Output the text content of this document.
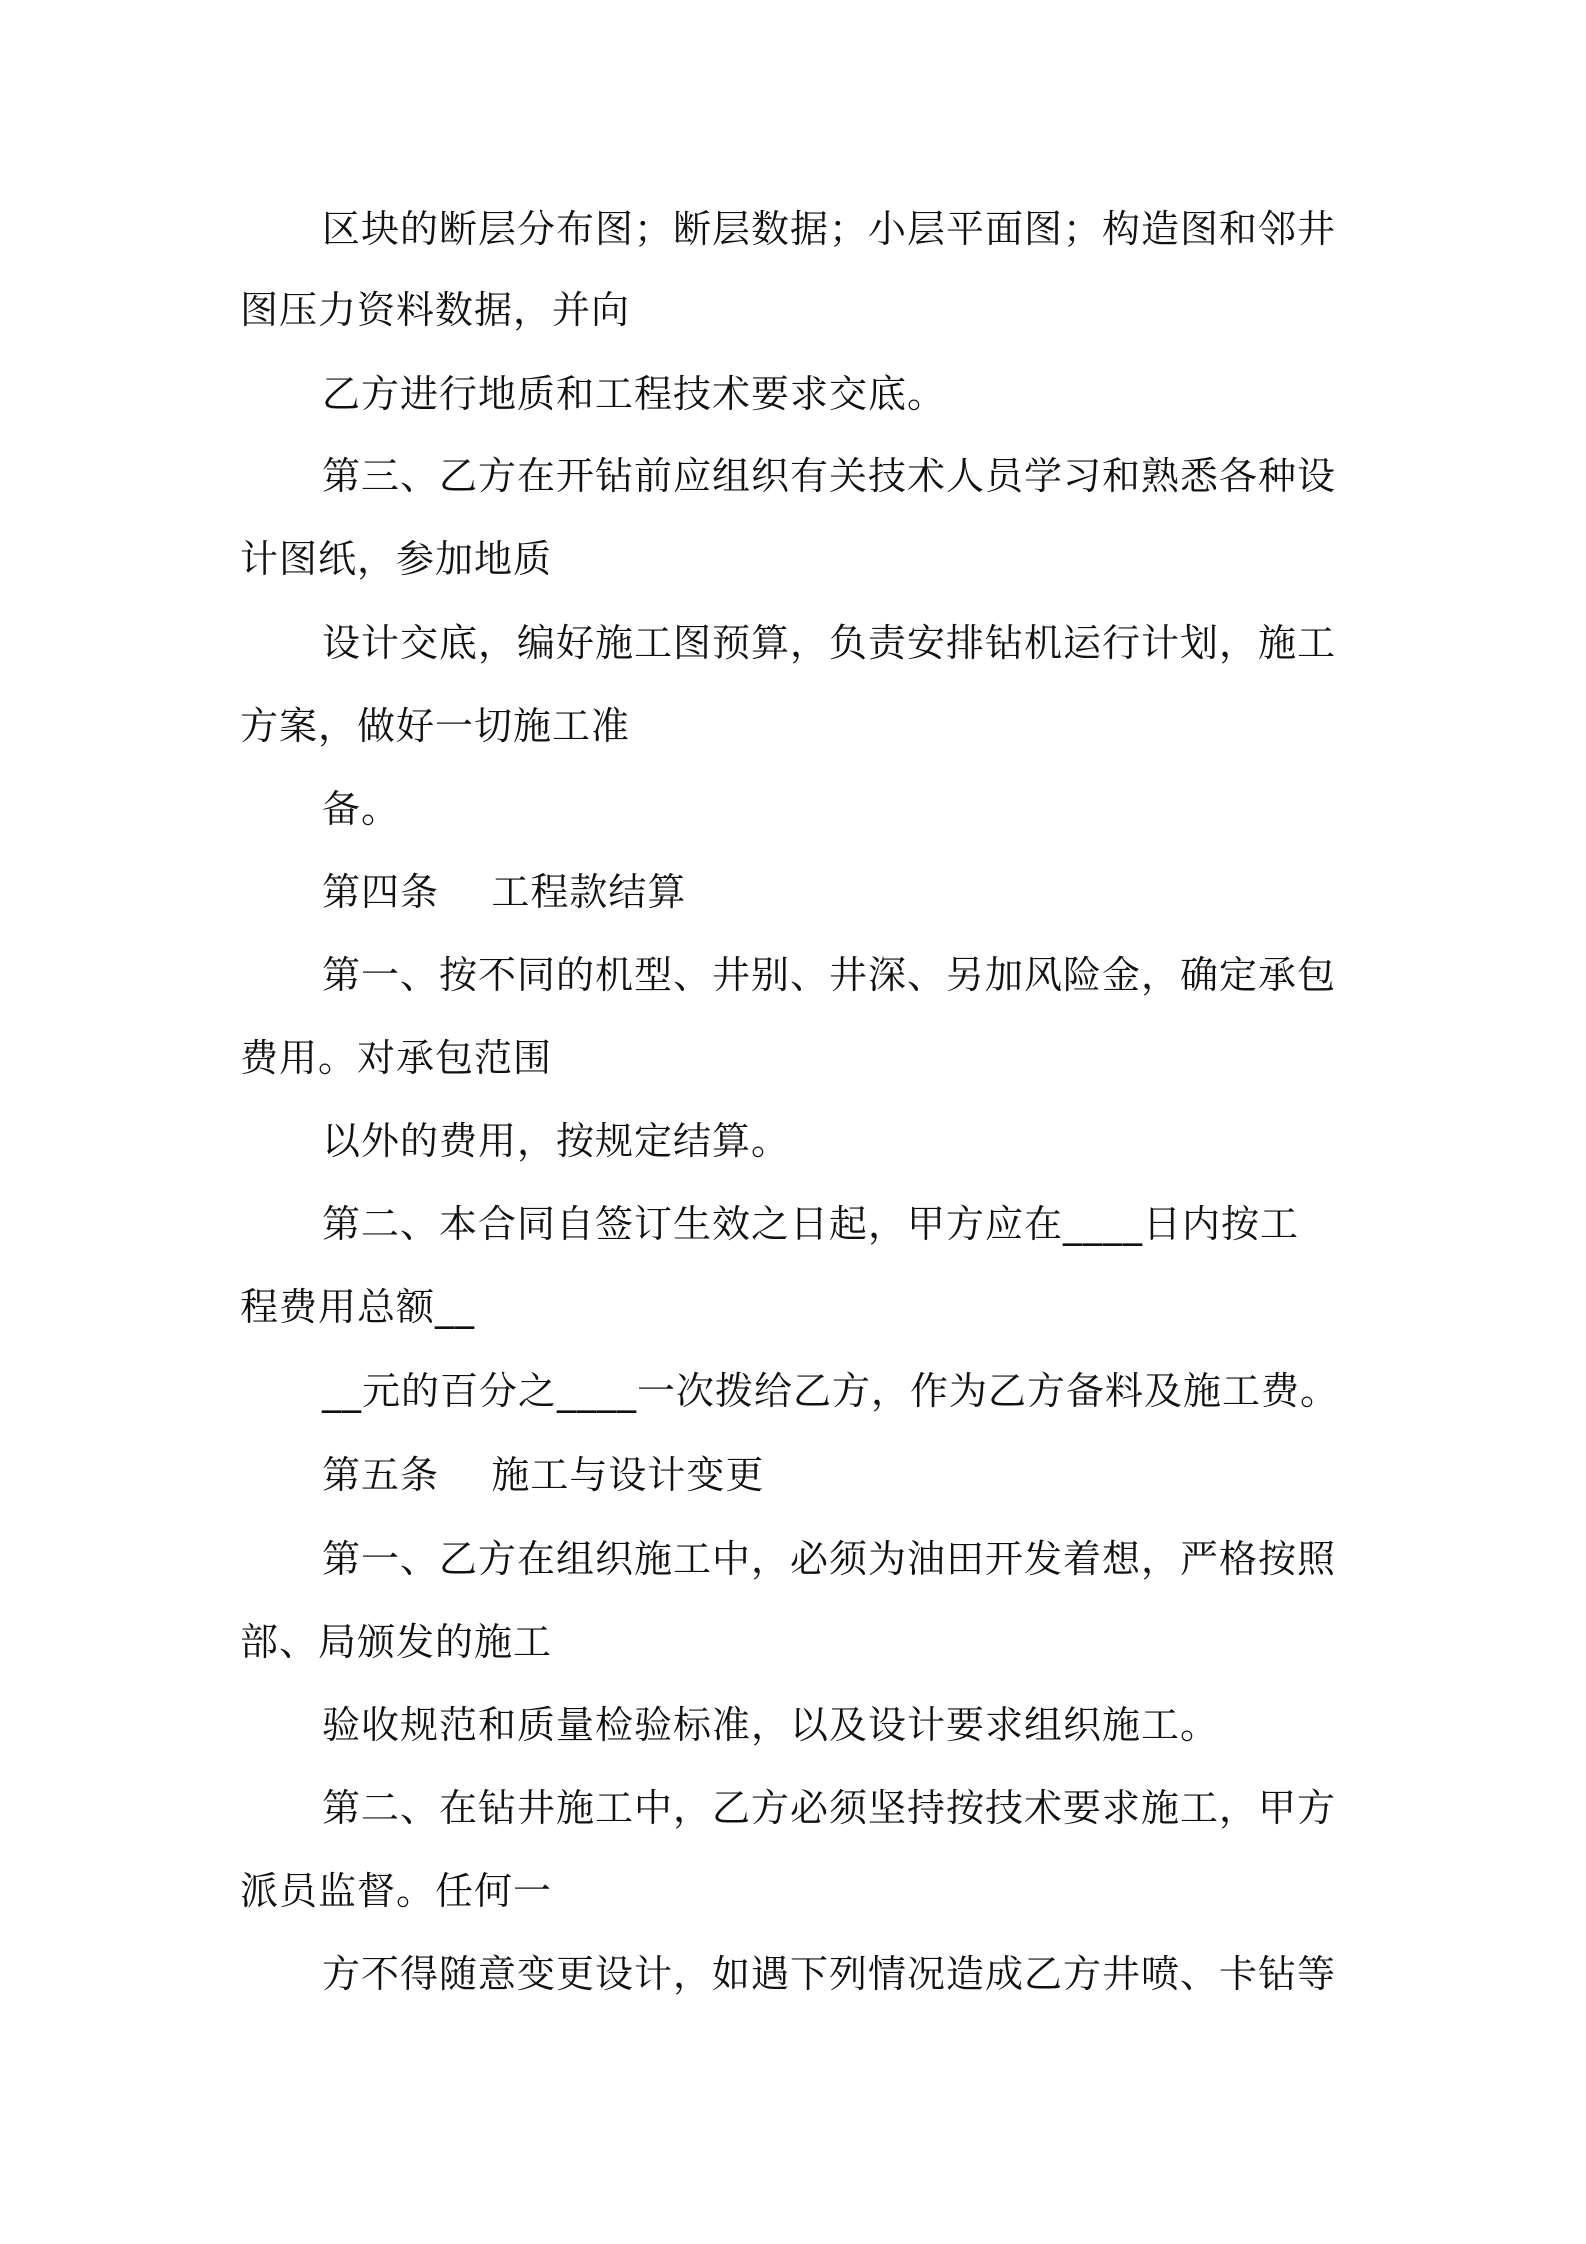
区块的断层分布图；断层数据；小层平面图；构造图和邻井
图压力资料数据，并向
乙方进行地质和工程技术要求交底。
第三、乙方在开钻前应组织有关技术人员学习和熟悉各种设
计图纸，参加地质
设计交底，编好施工图预算，负责安排钻机运行计划，施工
方案，做好一切施工准
备。
第四条    工程款结算
第一、按不同的机型、井别、井深、另加风险金，确定承包
费用。对承包范围
以外的费用，按规定结算。
第二、本合同自签订生效之日起，甲方应在____日内按工
程费用总额__
__元的百分之____一次拨给乙方，作为乙方备料及施工费。
第五条    施工与设计变更
第一、乙方在组织施工中，必须为油田开发着想，严格按照
部、局颁发的施工
验收规范和质量检验标准，以及设计要求组织施工。
第二、在钻井施工中，乙方必须坚持按技术要求施工，甲方
派员监督。任何一
方不得随意变更设计，如遇下列情况造成乙方井喷、卡钻等
